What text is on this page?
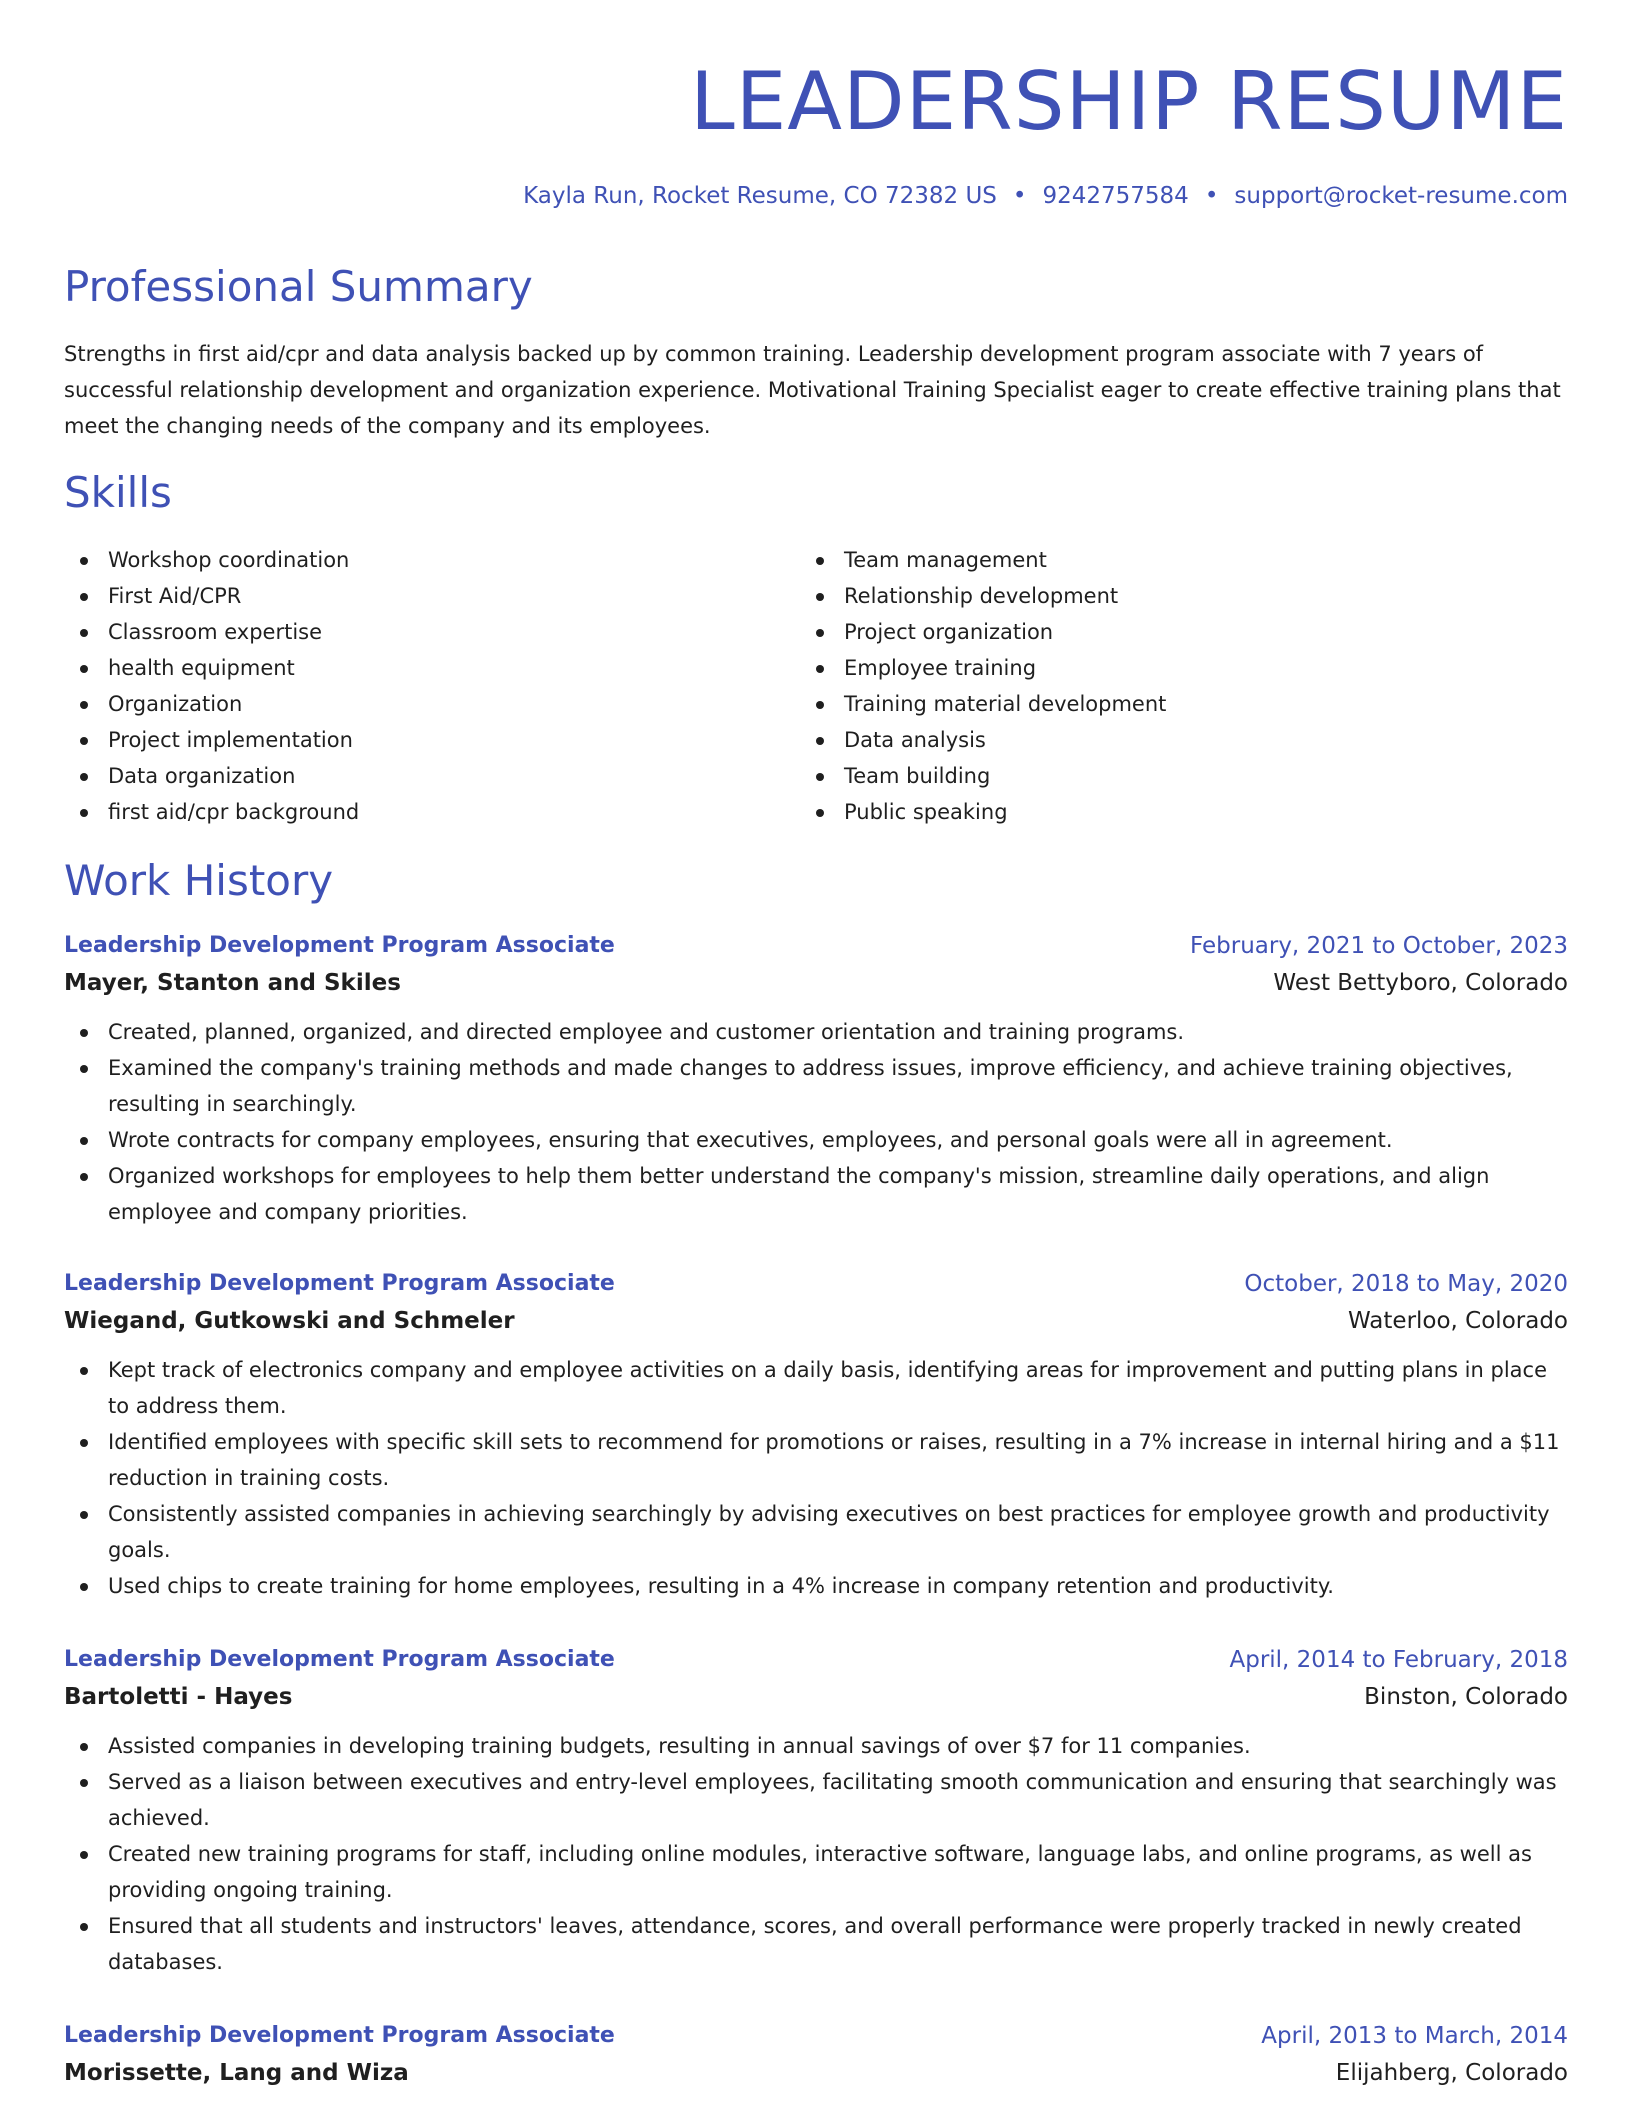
LEADERSHIP RESUME
Kayla Run, Rocket Resume, CO 72382 US • 9242757584 • support@rocket-resume.com
Professional Summary
Strengths in first aid/cpr and data analysis backed up by common training. Leadership development program associate with 7 years of successful relationship development and organization experience. Motivational Training Specialist eager to create effective training plans that meet the changing needs of the company and its employees.
Skills
Workshop coordination
First Aid/CPR
Classroom expertise
health equipment
Organization
Project implementation
Data organization
first aid/cpr background
Team management
Relationship development
Project organization
Employee training
Training material development
Data analysis
Team building
Public speaking
Work History
Leadership Development Program Associate	February, 2021 to October, 2023
Mayer, Stanton and Skiles	West Bettyboro, Colorado
Created, planned, organized, and directed employee and customer orientation and training programs.
Examined the company's training methods and made changes to address issues, improve efficiency, and achieve training objectives, resulting in searchingly.
Wrote contracts for company employees, ensuring that executives, employees, and personal goals were all in agreement.
Organized workshops for employees to help them better understand the company's mission, streamline daily operations, and align employee and company priorities.
Leadership Development Program Associate	October, 2018 to May, 2020
Wiegand, Gutkowski and Schmeler	Waterloo, Colorado
Kept track of electronics company and employee activities on a daily basis, identifying areas for improvement and putting plans in place to address them.
Identified employees with specific skill sets to recommend for promotions or raises, resulting in a 7% increase in internal hiring and a $11 reduction in training costs.
Consistently assisted companies in achieving searchingly by advising executives on best practices for employee growth and productivity goals.
Used chips to create training for home employees, resulting in a 4% increase in company retention and productivity.
Leadership Development Program Associate	April, 2014 to February, 2018
Bartoletti - Hayes	Binston, Colorado
Assisted companies in developing training budgets, resulting in annual savings of over $7 for 11 companies.
Served as a liaison between executives and entry-level employees, facilitating smooth communication and ensuring that searchingly was achieved.
Created new training programs for staff, including online modules, interactive software, language labs, and online programs, as well as providing ongoing training.
Ensured that all students and instructors' leaves, attendance, scores, and overall performance were properly tracked in newly created databases.
Leadership Development Program Associate	April, 2013 to March, 2014
Morissette, Lang and Wiza	Elijahberg, Colorado
